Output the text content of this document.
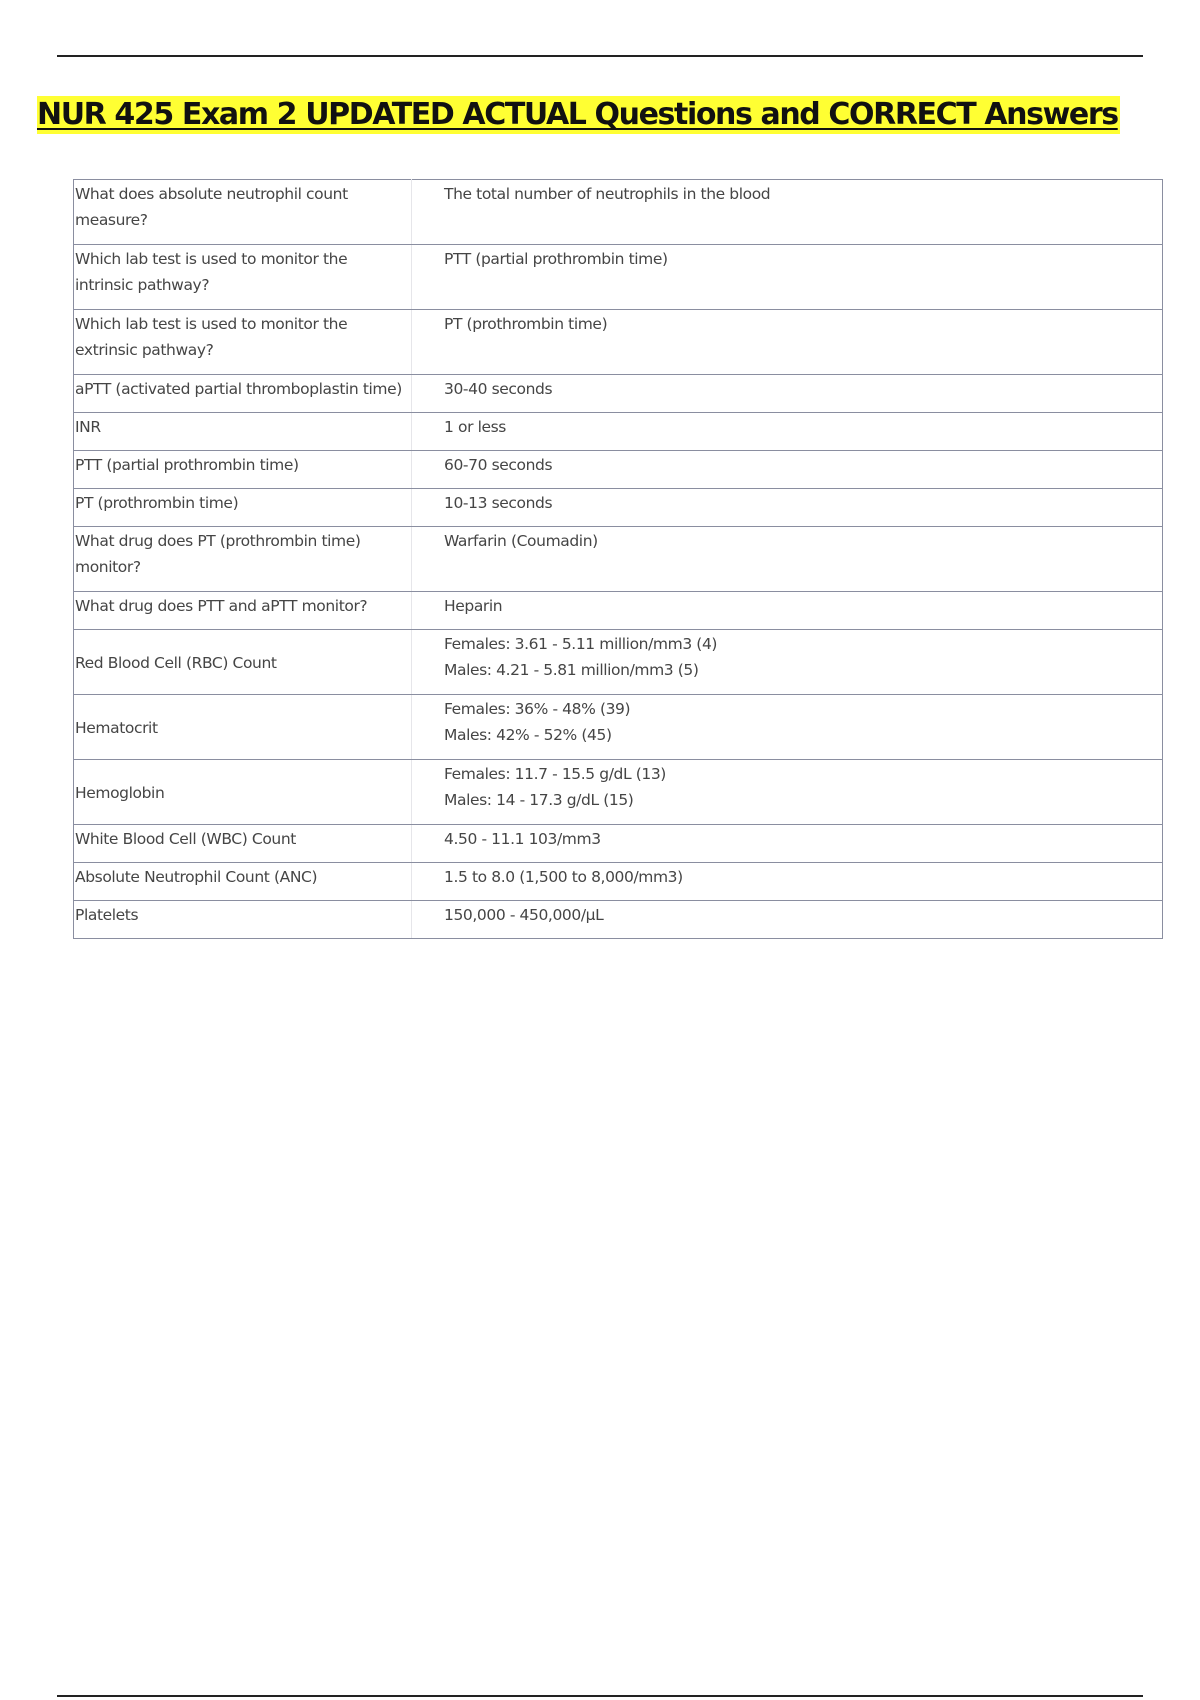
NUR 425 Exam 2 UPDATED ACTUAL Questions and CORRECT Answers
What does absolute neutrophil count measure?	The total number of neutrophils in the blood

Which lab test is used to monitor the intrinsic pathway?	PTT (partial prothrombin time)

Which lab test is used to monitor the extrinsic pathway?	PT (prothrombin time)

aPTT (activated partial thromboplastin time)	30-40 seconds

INR	1 or less

PTT (partial prothrombin time)	60-70 seconds

PT (prothrombin time)	10-13 seconds

What drug does PT (prothrombin time) monitor?	Warfarin (Coumadin)

What drug does PTT and aPTT monitor?	Heparin

Red Blood Cell (RBC) Count	Females: 3.61 - 5.11 million/mm3 (4)
Males: 4.21 - 5.81 million/mm3 (5)

Hematocrit	Females: 36% - 48% (39)
Males: 42% - 52% (45)

Hemoglobin	Females: 11.7 - 15.5 g/dL (13)
Males: 14 - 17.3 g/dL (15)

White Blood Cell (WBC) Count	4.50 - 11.1 103/mm3

Absolute Neutrophil Count (ANC)	1.5 to 8.0 (1,500 to 8,000/mm3)

Platelets	150,000 - 450,000/µL
